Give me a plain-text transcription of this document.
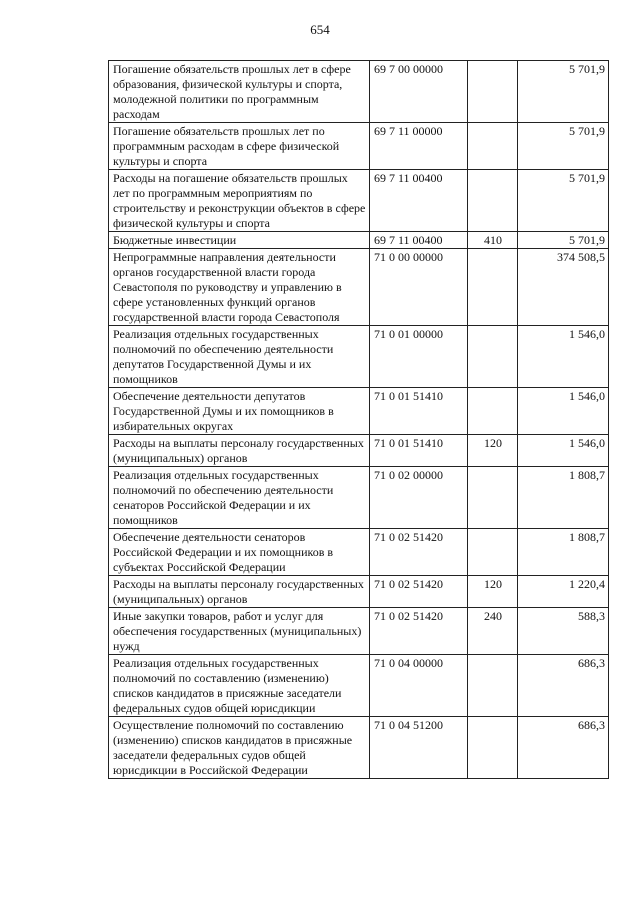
654
Погашение обязательств прошлых лет в сфере образования, физической культуры и спорта, молодежной политики по программным расходам	69 7 00 00000		5 701,9
Погашение обязательств прошлых лет по программным расходам в сфере физической культуры и спорта	69 7 11 00000		5 701,9
Расходы на погашение обязательств прошлых лет по программным мероприятиям по строительству и реконструкции объектов в сфере физической культуры и спорта	69 7 11 00400		5 701,9
Бюджетные инвестиции	69 7 11 00400	410	5 701,9
Непрограммные направления деятельности органов государственной власти города Севастополя по руководству и управлению в сфере установленных функций органов государственной власти города Севастополя	71 0 00 00000		374 508,5
Реализация отдельных государственных полномочий по обеспечению деятельности депутатов Государственной Думы и их помощников	71 0 01 00000		1 546,0
Обеспечение деятельности депутатов Государственной Думы и их помощников в избирательных округах	71 0 01 51410		1 546,0
Расходы на выплаты персоналу государственных (муниципальных) органов	71 0 01 51410	120	1 546,0
Реализация отдельных государственных полномочий по обеспечению деятельности сенаторов Российской Федерации и их помощников	71 0 02 00000		1 808,7
Обеспечение деятельности сенаторов Российской Федерации и их помощников в субъектах Российской Федерации	71 0 02 51420		1 808,7
Расходы на выплаты персоналу государственных (муниципальных) органов	71 0 02 51420	120	1 220,4
Иные закупки товаров, работ и услуг для обеспечения государственных (муниципальных) нужд	71 0 02 51420	240	588,3
Реализация отдельных государственных полномочий по составлению (изменению) списков кандидатов в присяжные заседатели федеральных судов общей юрисдикции	71 0 04 00000		686,3
Осуществление полномочий по составлению (изменению) списков кандидатов в присяжные заседатели федеральных судов общей юрисдикции в Российской Федерации	71 0 04 51200		686,3
